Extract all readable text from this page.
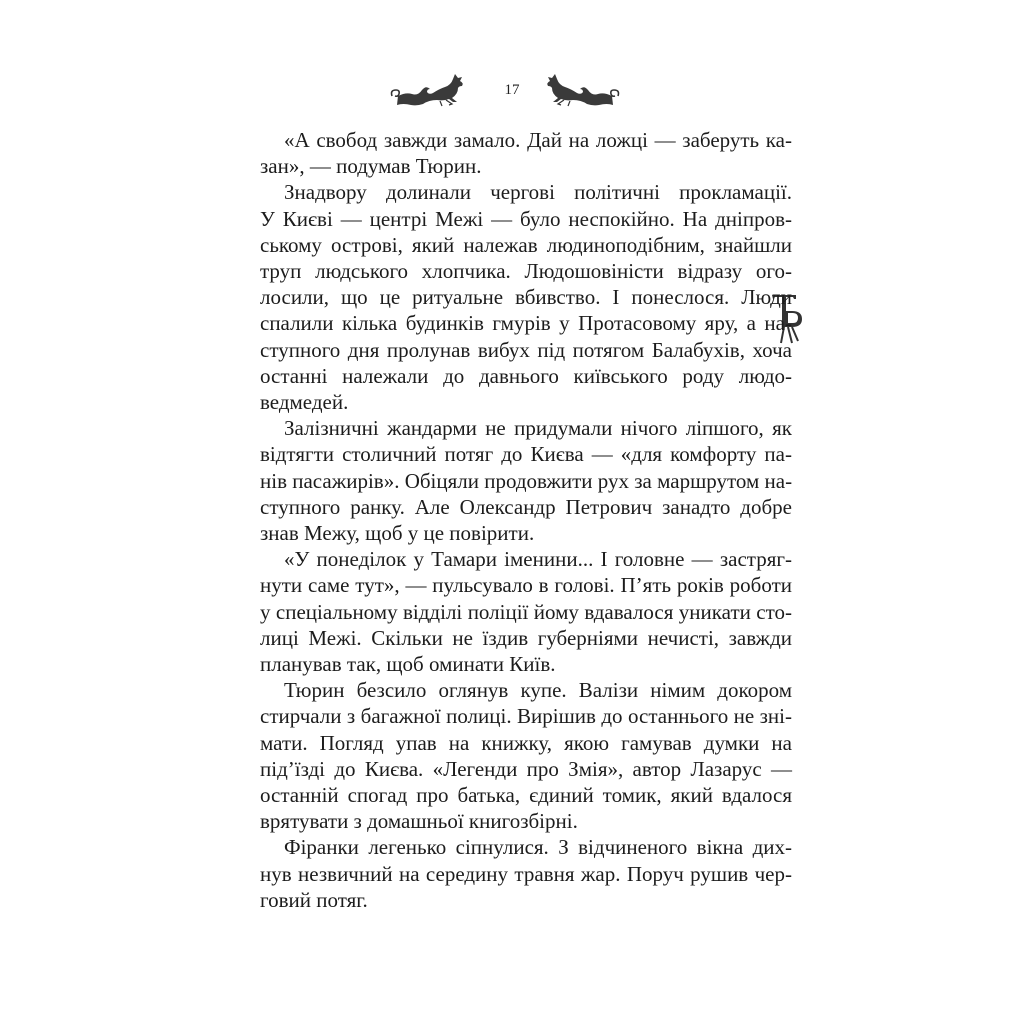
17

«А свобод завжди замало. Дай на ложці — заберуть ка-
зан», — подумав Тюрин.

Знадвору долинали чергові політичні прокламації.
У Києві — центрі Межі — було неспокійно. На дніпров-
ському острові, який належав людиноподібним, знайшли
труп людського хлопчика. Людошовіністи відразу ого-
лосили, що це ритуальне вбивство. І понеслося. Люди
спалили кілька будинків гмурів у Протасовому яру, а на-
ступного дня пролунав вибух під потягом Балабухів, хоча
останні належали до давнього київського роду людо-
ведмедей.

Залізничні жандарми не придумали нічого ліпшого, як
відтягти столичний потяг до Києва — «для комфорту па-
нів пасажирів». Обіцяли продовжити рух за маршрутом на-
ступного ранку. Але Олександр Петрович занадто добре
знав Межу, щоб у це повірити.

«У понеділок у Тамари іменини... І головне — застряг-
нути саме тут», — пульсувало в голові. П’ять років роботи
у спеціальному відділі поліції йому вдавалося уникати сто-
лиці Межі. Скільки не їздив губерніями нечисті, завжди
планував так, щоб оминати Київ.

Тюрин безсило оглянув купе. Валізи німим докором
стирчали з багажної полиці. Вирішив до останнього не зні-
мати. Погляд упав на книжку, якою гамував думки на
під’їзді до Києва. «Легенди про Змія», автор Лазарус —
останній спогад про батька, єдиний томик, який вдалося
врятувати з домашньої книгозбірні.

Фіранки легенько сіпнулися. З відчиненого вікна дих-
нув незвичний на середину травня жар. Поруч рушив чер-
говий потяг.
